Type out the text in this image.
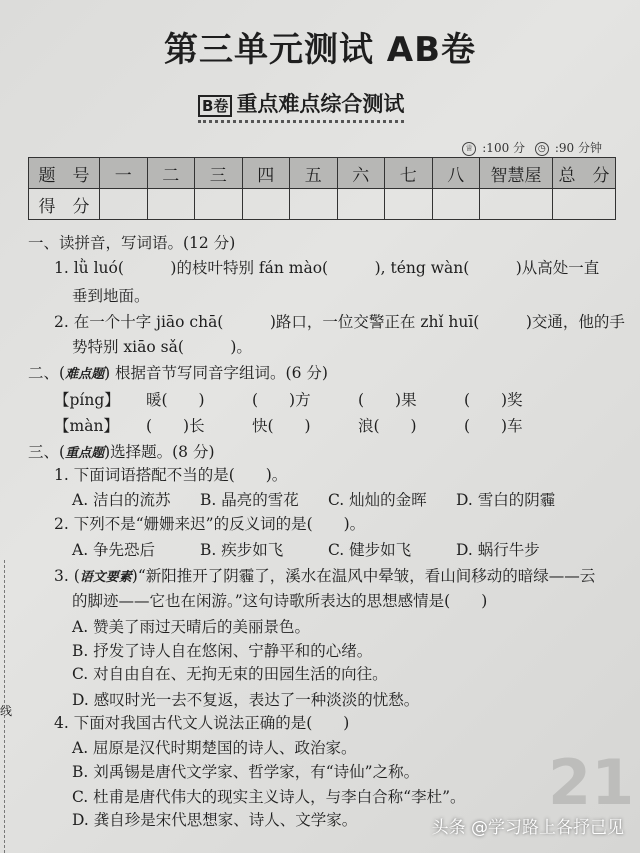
第三单元测试 AB卷
B卷 重点难点综合测试
♕ :100 分 ◷ :90 分钟
题　号	一	二	三	四	五	六	七	八	智慧屋	总　分
得　分										
一、读拼音，写词语。(12 分)
1. lǜ luó(　　　)的枝叶特别 fán mào(　　　), téng wàn(　　　)从高处一直
垂到地面。
2. 在一个十字 jiāo chā(　　　)路口，一位交警正在 zhǐ huī(　　　)交通，他的手
势特别 xiāo sǎ(　　　)。
二、(难点题) 根据音节写同音字组词。(6 分)
【píng】 暖(　　)	(　　)方	(　　)果	(　　)奖
【màn】 (　　)长	快(　　)	浪(　　)	(　　)车
三、(重点题)选择题。(8 分)
1. 下面词语搭配不当的是(　　)。
A. 洁白的流苏 B. 晶亮的雪花 C. 灿灿的金晖 D. 雪白的阴霾
2. 下列不是“姗姗来迟”的反义词的是(　　)。
A. 争先恐后	B. 疾步如飞	C. 健步如飞	D. 蜗行牛步
3. (语文要素)“新阳推开了阴霾了，溪水在温风中晕皱，看山间移动的暗绿——云
的脚迹——它也在闲游。”这句诗歌所表达的思想感情是(　　)
A. 赞美了雨过天晴后的美丽景色。
B. 抒发了诗人自在悠闲、宁静平和的心绪。
C. 对自由自在、无拘无束的田园生活的向往。
D. 感叹时光一去不复返，表达了一种淡淡的忧愁。
4. 下面对我国古代文人说法正确的是(　　)
A. 屈原是汉代时期楚国的诗人、政治家。
B. 刘禹锡是唐代文学家、哲学家，有“诗仙”之称。
C. 杜甫是唐代伟大的现实主义诗人，与李白合称“李杜”。
D. 龚自珍是宋代思想家、诗人、文学家。
线
21
头条 @学习路上各抒己见
